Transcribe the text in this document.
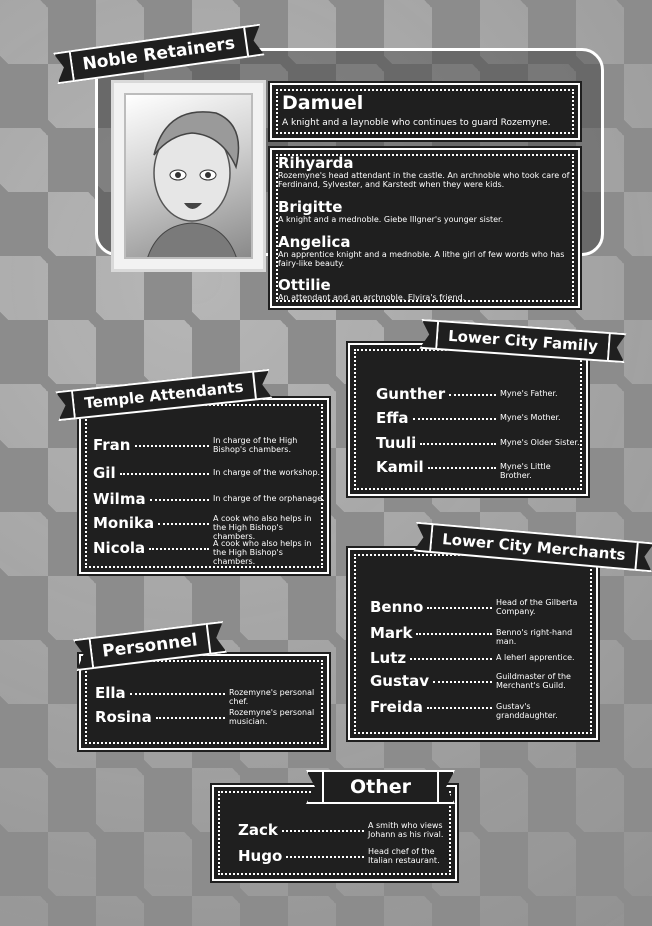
Noble Retainers
Damuel
A knight and a laynoble who continues to guard Rozemyne.
Rihyarda
Rozemyne's head attendant in the castle. An archnoble who took care of Ferdinand, Sylvester, and Karstedt when they were kids.
Brigitte
A knight and a mednoble. Giebe Illgner's younger sister.
Angelica
An apprentice knight and a mednoble. A lithe girl of few words who has fairy-like beauty.
Ottilie
An attendant and an archnoble. Elvira's friend.
Gunther	Myne's Father.
Effa	Myne's Mother.
Tuuli	Myne's Older Sister.
Kamil	Myne's Little Brother.
Lower City Family
Fran	In charge of the High Bishop's chambers.
Gil	In charge of the workshop.
Wilma	In charge of the orphanage.
Monika	A cook who also helps in the High Bishop's chambers.
Nicola	A cook who also helps in the High Bishop's chambers.
Temple Attendants
Benno	Head of the Gilberta Company.
Mark	Benno's right-hand man.
Lutz	A leherl apprentice.
Gustav	Guildmaster of the Merchant's Guild.
Freida	Gustav's granddaughter.
Lower City Merchants
Ella	Rozemyne's personal chef.
Rosina	Rozemyne's personal musician.
Personnel
Zack	A smith who views Johann as his rival.
Hugo	Head chef of the Italian restaurant.
Other
